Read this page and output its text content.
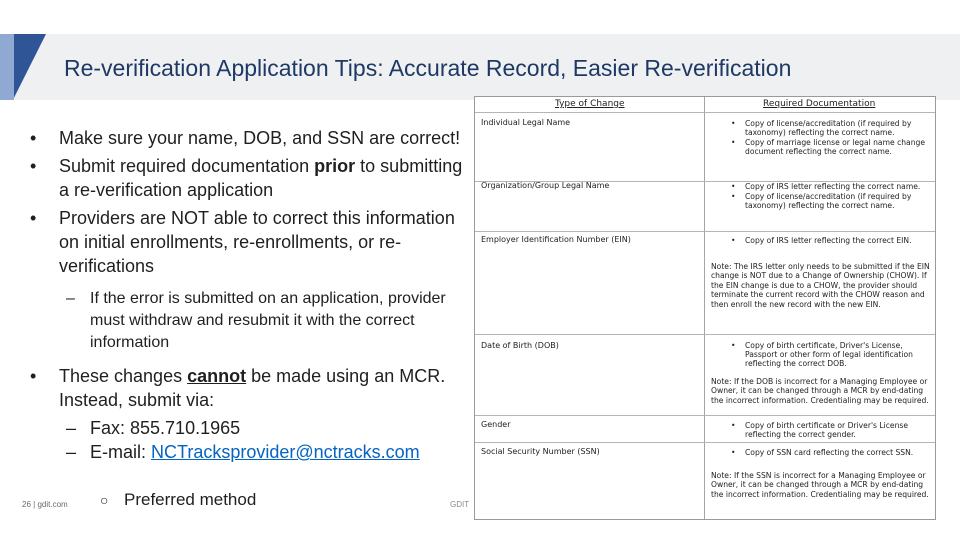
Re-verification Application Tips: Accurate Record, Easier Re-verification
• Make sure your name, DOB, and SSN are correct!
• Submit required documentation prior to submitting a re-verification application
• Providers are NOT able to correct this information on initial enrollments, re-enrollments, or re-verifications
– If the error is submitted on an application, provider must withdraw and resubmit it with the correct information
• These changes cannot be made using an MCR. Instead, submit via:
– Fax: 855.710.1965
– E-mail: NCTracksprovider@nctracks.com
○ Preferred method
26 | gdit.com	GDIT
Type of Change	Required Documentation
Individual Legal Name	• Copy of license/accreditation (if required by taxonomy) reflecting the correct name.
• Copy of marriage license or legal name change document reflecting the correct name.
Organization/Group Legal Name	• Copy of IRS letter reflecting the correct name.
• Copy of license/accreditation (if required by taxonomy) reflecting the correct name.
Employer Identification Number (EIN)	• Copy of IRS letter reflecting the correct EIN.
Note: The IRS letter only needs to be submitted if the EIN change is NOT due to a Change of Ownership (CHOW). If the EIN change is due to a CHOW, the provider should terminate the current record with the CHOW reason and then enroll the new record with the new EIN.
Date of Birth (DOB)	• Copy of birth certificate, Driver's License, Passport or other form of legal identification reflecting the correct DOB.
Note: If the DOB is incorrect for a Managing Employee or Owner, it can be changed through a MCR by end-dating the incorrect information. Credentialing may be required.
Gender	• Copy of birth certificate or Driver's License reflecting the correct gender.
Social Security Number (SSN)	• Copy of SSN card reflecting the correct SSN.
Note: If the SSN is incorrect for a Managing Employee or Owner, it can be changed through a MCR by end-dating the incorrect information. Credentialing may be required.
